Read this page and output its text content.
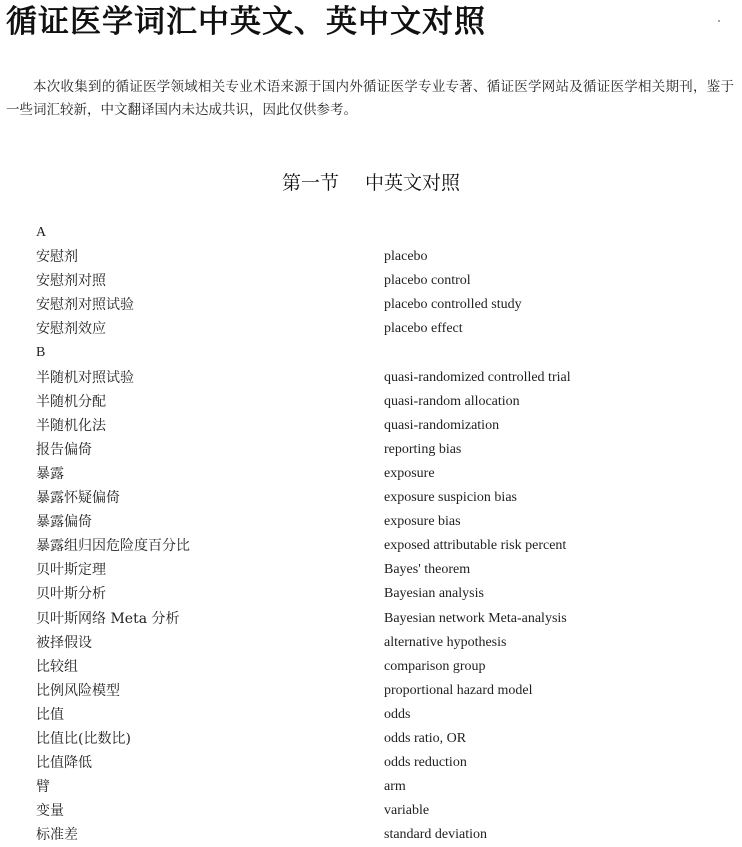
循证医学词汇中英文、英中文对照

本次收集到的循证医学领域相关专业术语来源于国内外循证医学专业专著、循证医学网站及循证医学相关期刊，鉴于一些词汇较新，中文翻译国内未达成共识，因此仅供参考。

第一节 中英文对照
A
安慰剂	placebo
安慰剂对照	placebo control
安慰剂对照试验	placebo controlled study
安慰剂效应	placebo effect
B
半随机对照试验	quasi-randomized controlled trial
半随机分配	quasi-random allocation
半随机化法	quasi-randomization
报告偏倚	reporting bias
暴露	exposure
暴露怀疑偏倚	exposure suspicion bias
暴露偏倚	exposure bias
暴露组归因危险度百分比	exposed attributable risk percent
贝叶斯定理	Bayes' theorem
贝叶斯分析	Bayesian analysis
贝叶斯网络 Meta 分析	Bayesian network Meta-analysis
被择假设	alternative hypothesis
比较组	comparison group
比例风险模型	proportional hazard model
比值	odds
比值比(比数比)	odds ratio, OR
比值降低	odds reduction
臂	arm
变量	variable
标准差	standard deviation
